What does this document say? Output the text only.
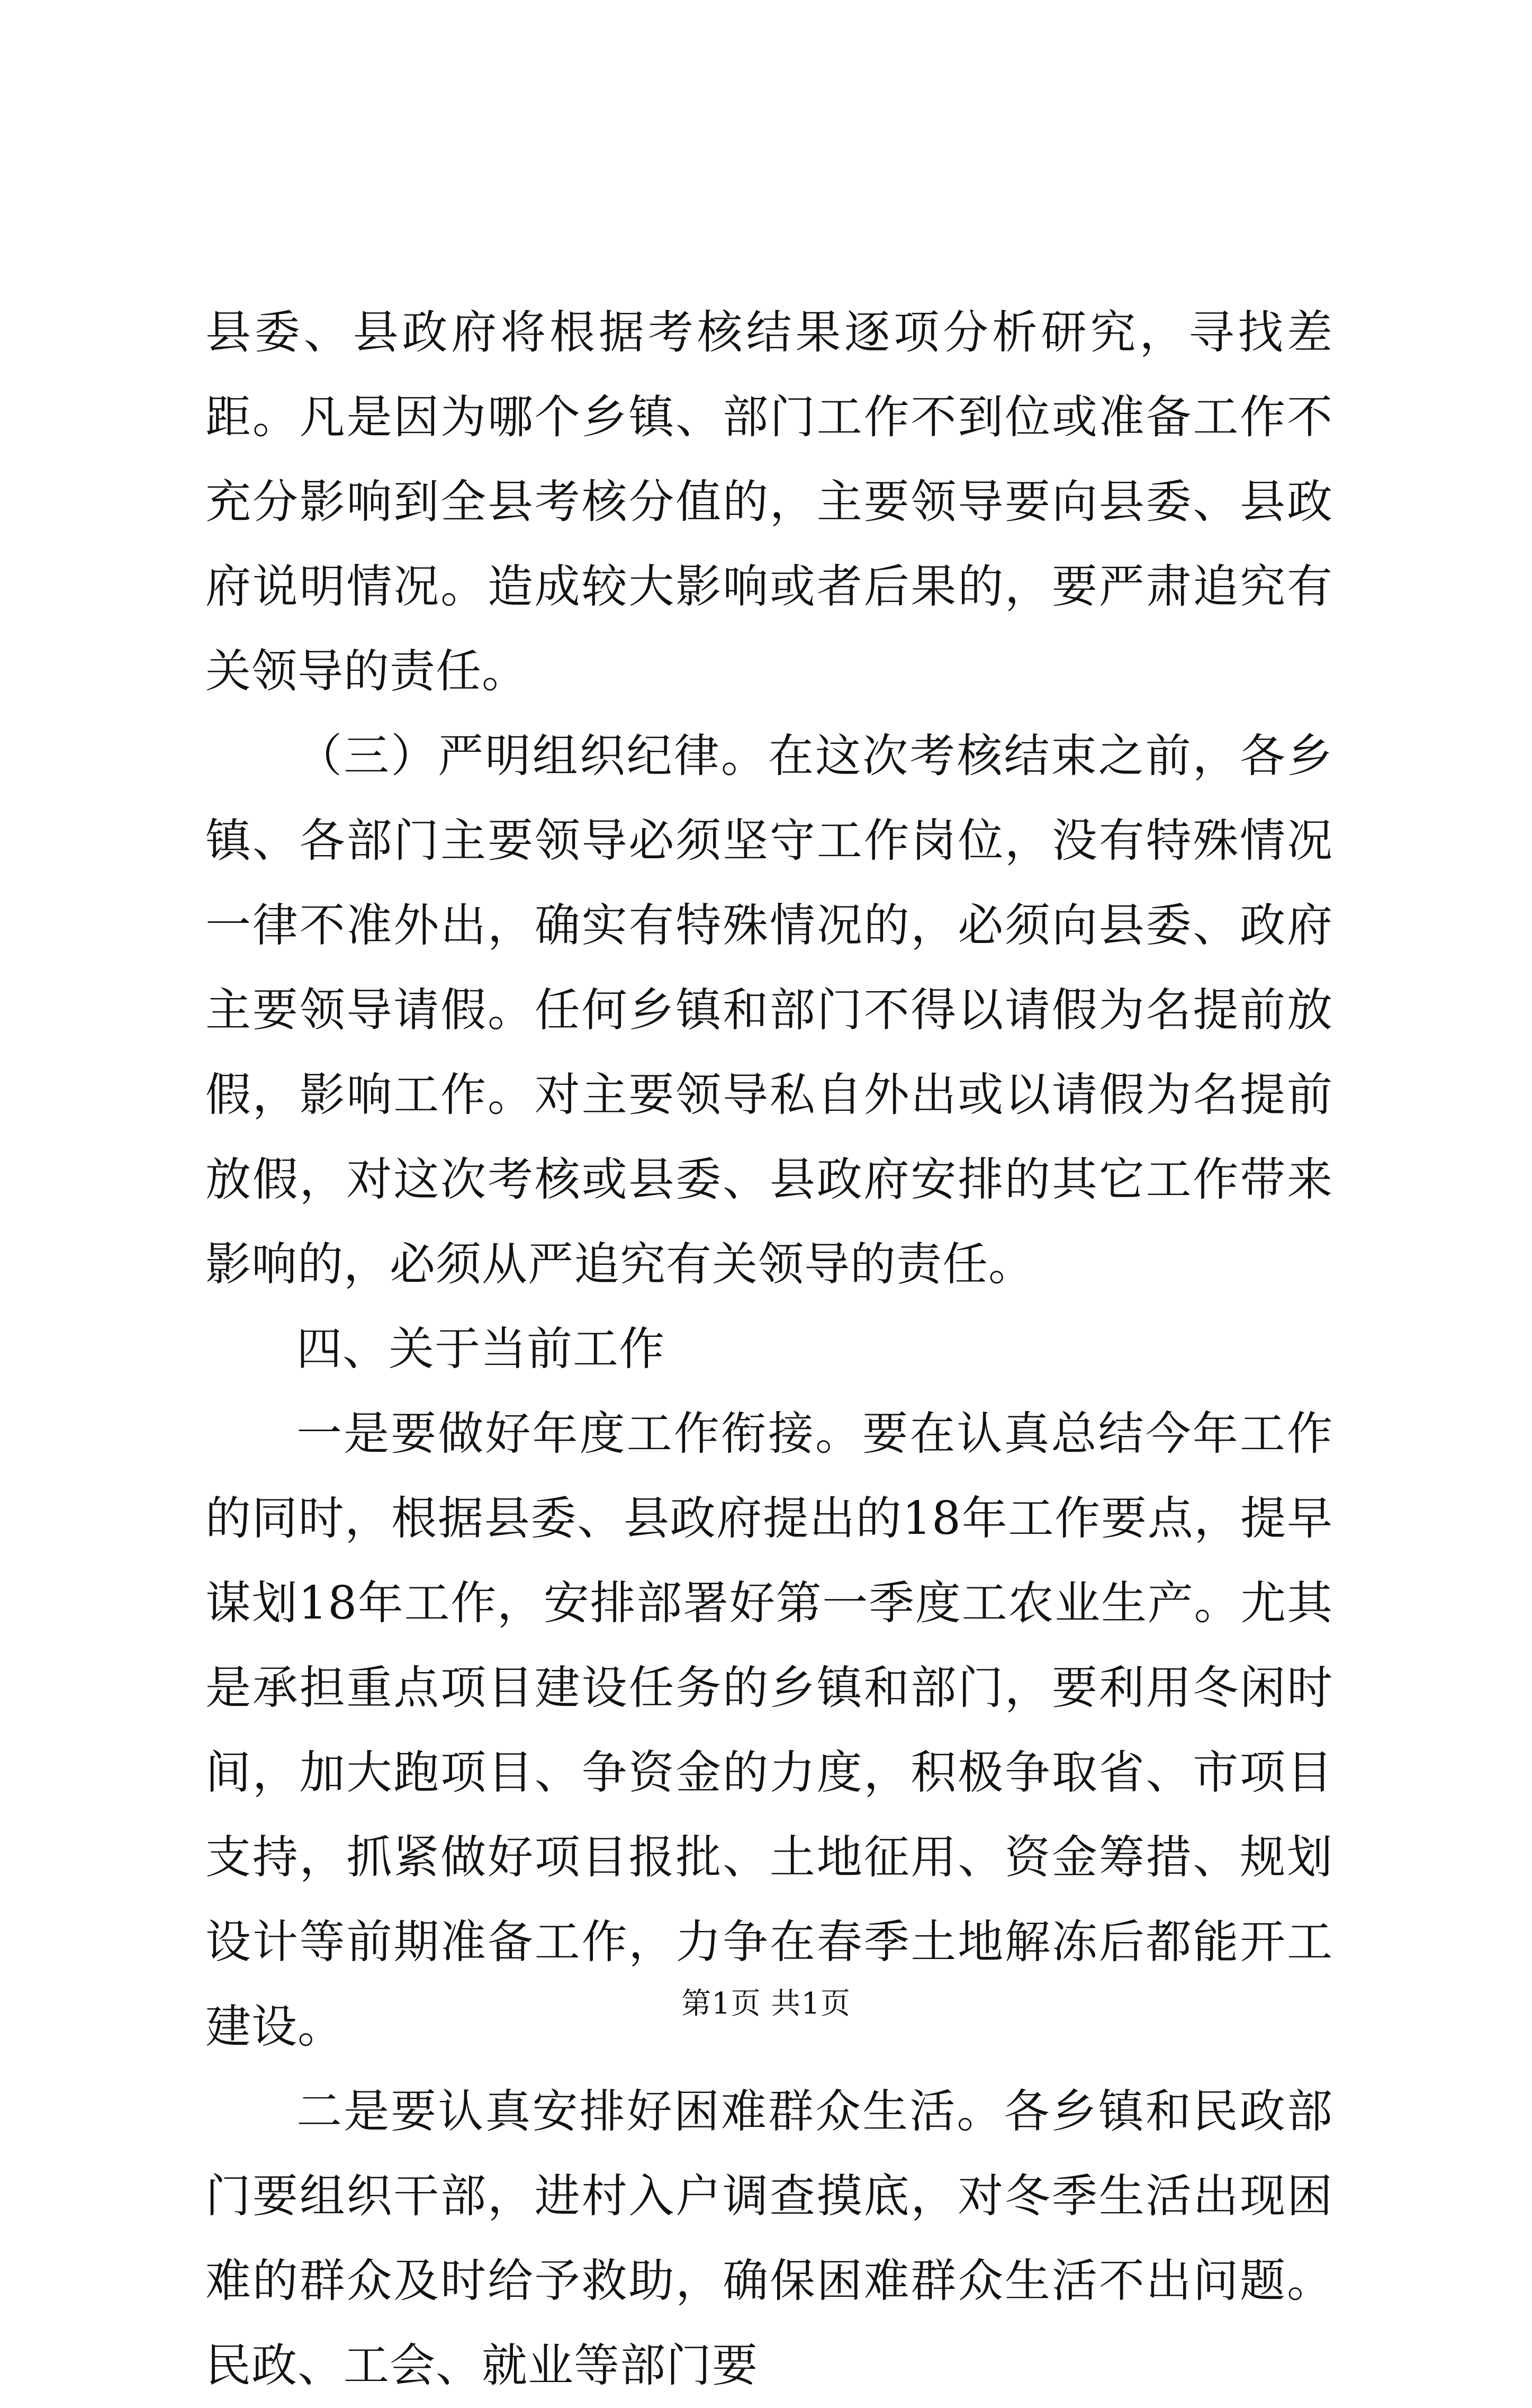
县委、县政府将根据考核结果逐项分析研究，寻找差距。凡是因为哪个乡镇、部门工作不到位或准备工作不充分影响到全县考核分值的，主要领导要向县委、县政府说明情况。造成较大影响或者后果的，要严肃追究有关领导的责任。

（三）严明组织纪律。在这次考核结束之前，各乡镇、各部门主要领导必须坚守工作岗位，没有特殊情况一律不准外出，确实有特殊情况的，必须向县委、政府主要领导请假。任何乡镇和部门不得以请假为名提前放假，影响工作。对主要领导私自外出或以请假为名提前放假，对这次考核或县委、县政府安排的其它工作带来影响的，必须从严追究有关领导的责任。

四、关于当前工作

一是要做好年度工作衔接。要在认真总结今年工作的同时，根据县委、县政府提出的18年工作要点，提早谋划18年工作，安排部署好第一季度工农业生产。尤其是承担重点项目建设任务的乡镇和部门，要利用冬闲时间，加大跑项目、争资金的力度，积极争取省、市项目支持，抓紧做好项目报批、土地征用、资金筹措、规划设计等前期准备工作，力争在春季土地解冻后都能开工建设。

二是要认真安排好困难群众生活。各乡镇和民政部门要组织干部，进村入户调查摸底，对冬季生活出现困难的群众及时给予救助，确保困难群众生活不出问题。民政、工会、就业等部门要

第1页 共1页
